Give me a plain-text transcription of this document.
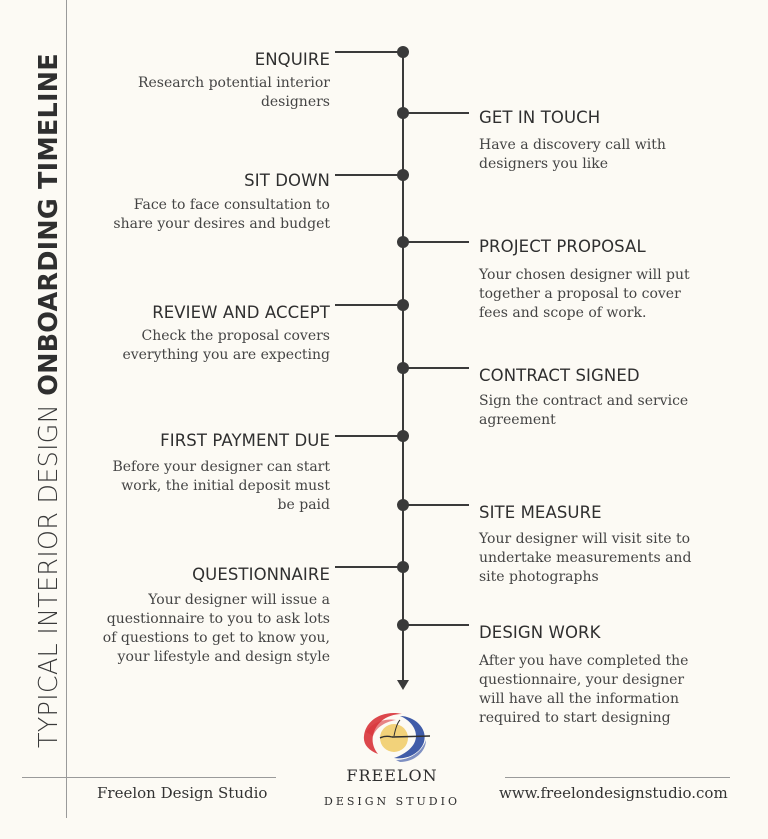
TYPICAL INTERIOR DESIGN ONBOARDING TIMELINE	ENQUIRE
Research potential interior
designers
GET IN TOUCH
Have a discovery call with
designers you like
SIT DOWN
Face to face consultation to
share your desires and budget
PROJECT PROPOSAL
Your chosen designer will put
together a proposal to cover
fees and scope of work.
REVIEW AND ACCEPT
Check the proposal covers
everything you are expecting
CONTRACT SIGNED
Sign the contract and service
agreement
FIRST PAYMENT DUE
Before your designer can start
work, the initial deposit must
be paid	SITE MEASURE
Your designer will visit site to
undertake measurements and
site photographs
QUESTIONNAIRE
Your designer will issue a
questionnaire to you to ask lots
of questions to get to know you,
your lifestyle and design style
DESIGN WORK
After you have completed the
questionnaire, your designer
will have all the information
required to start designing
FREELON
DESIGN STUDIO
Freelon Design Studio	www.freelondesignstudio.com
